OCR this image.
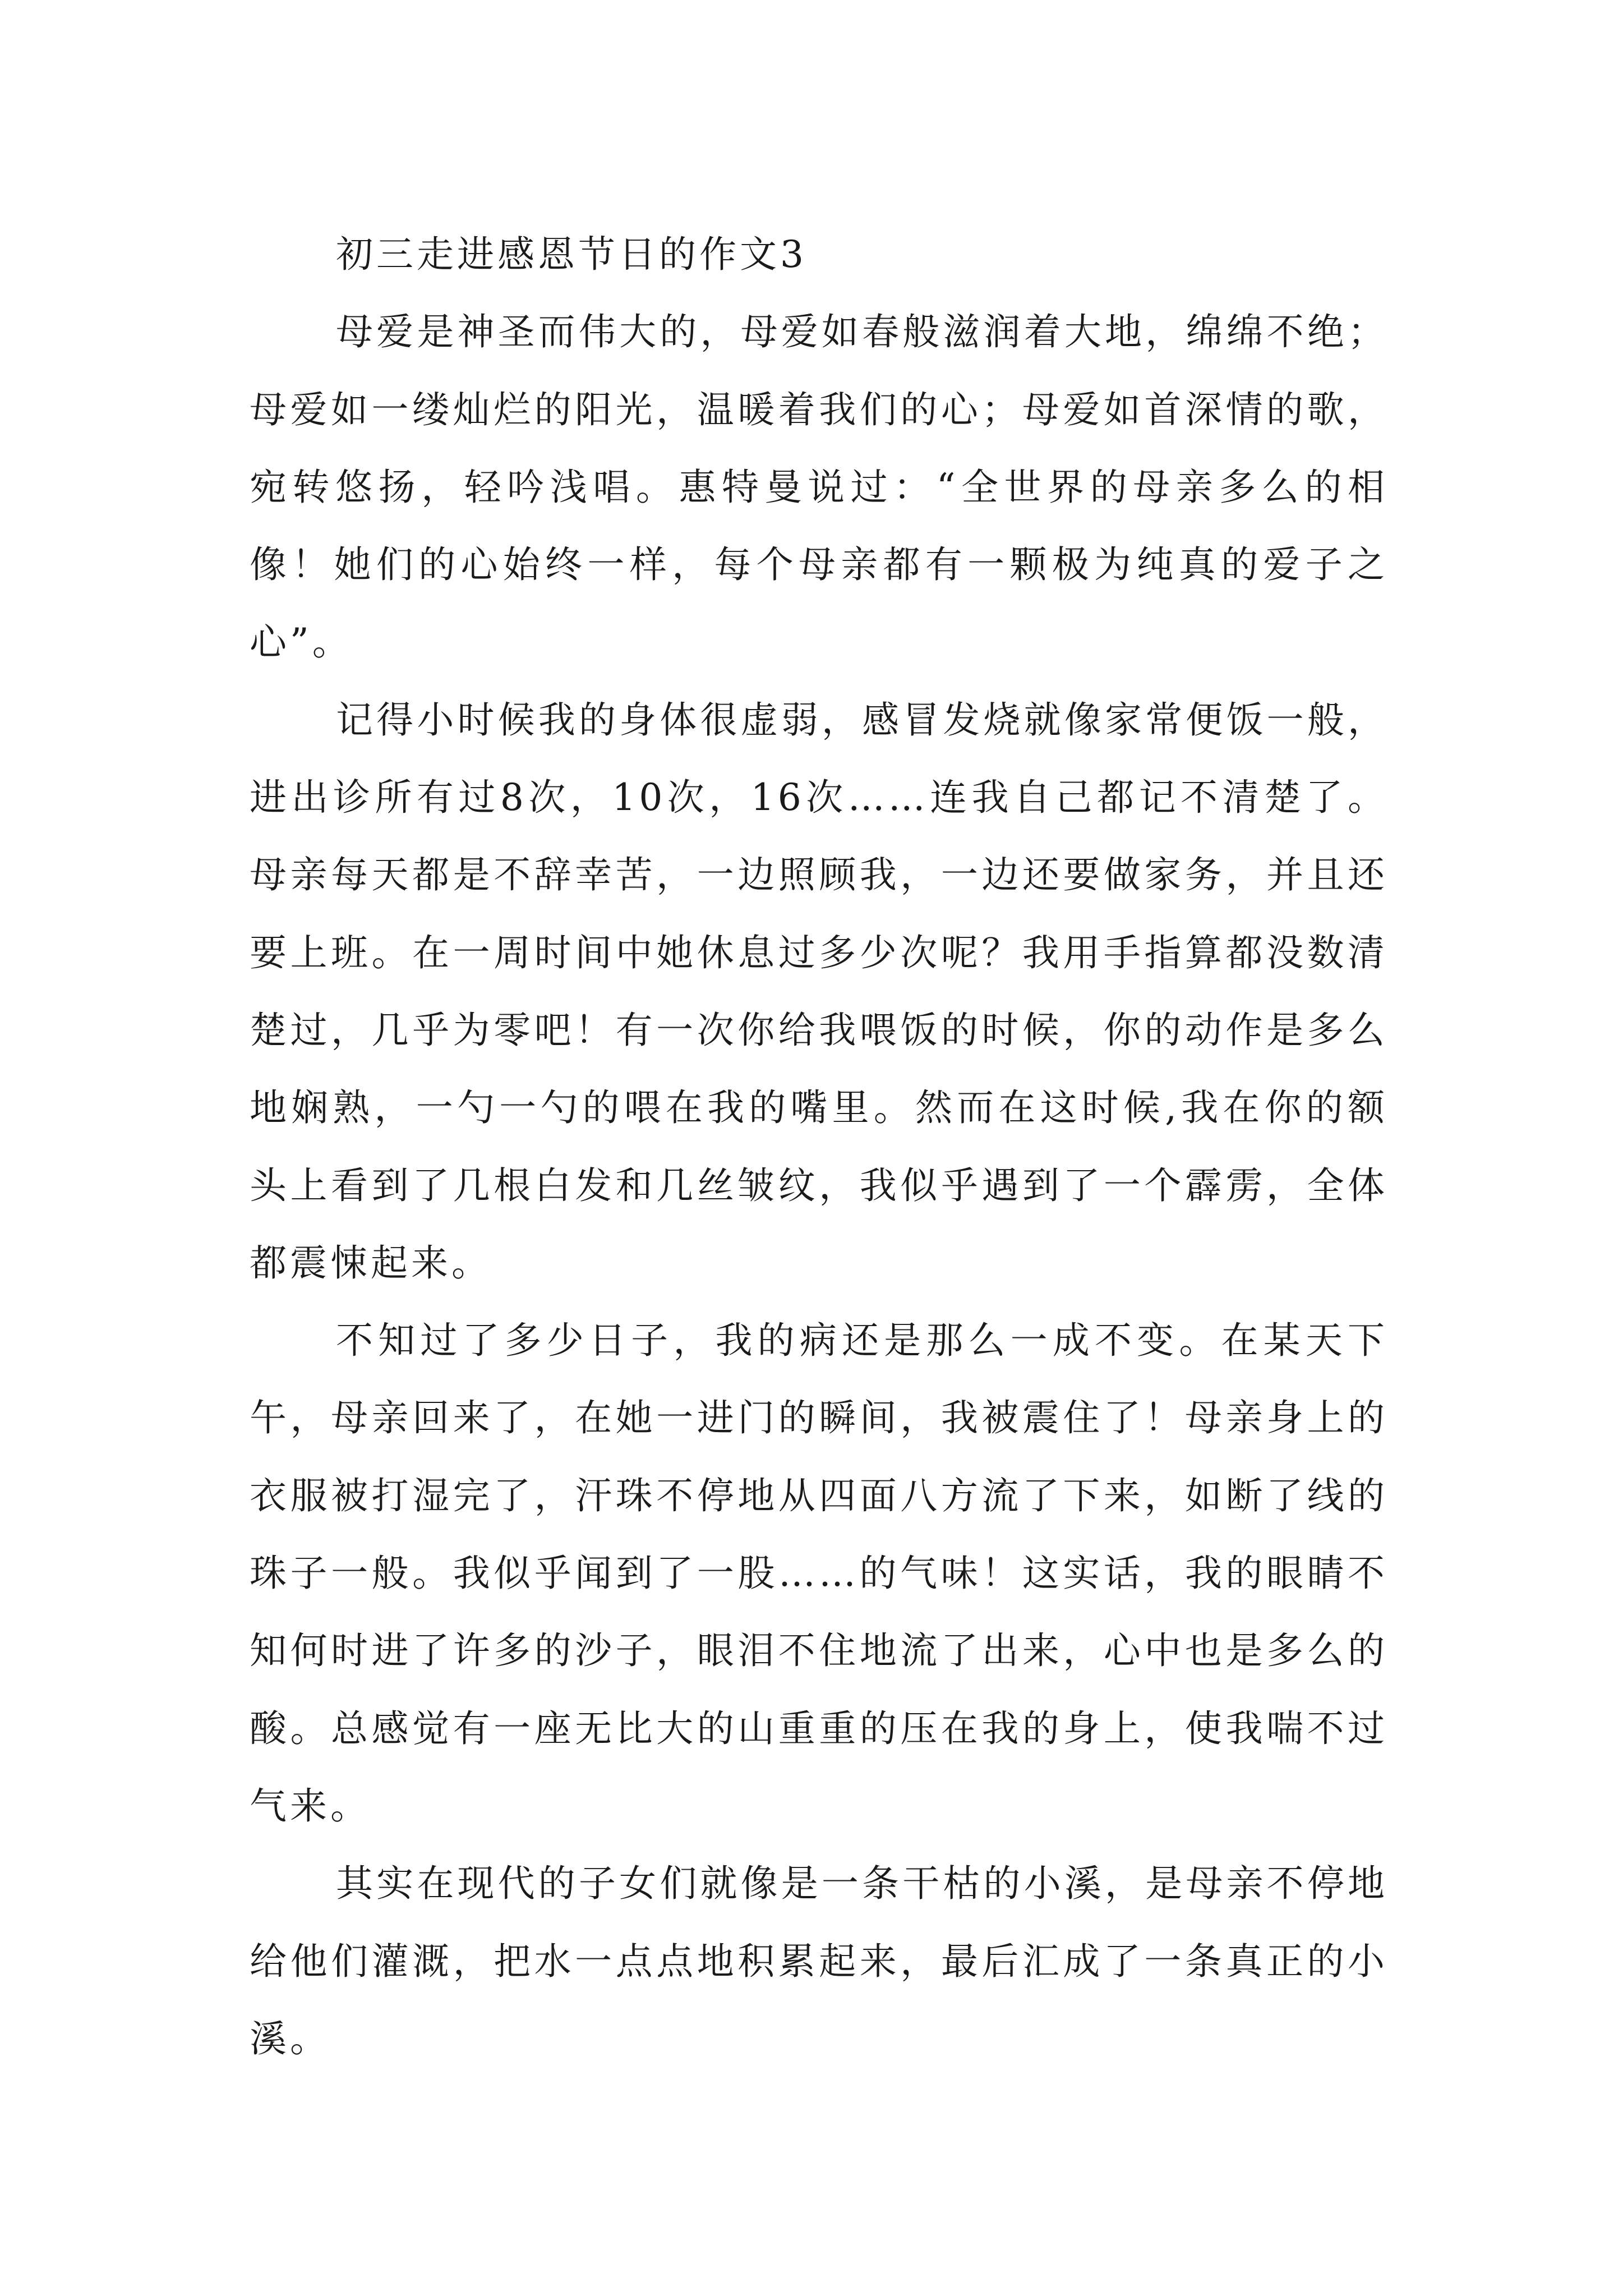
初三走进感恩节日的作文3

母爱是神圣而伟大的，母爱如春般滋润着大地，绵绵不绝；母爱如一缕灿烂的阳光，温暖着我们的心；母爱如首深情的歌，宛转悠扬，轻吟浅唱。惠特曼说过：“全世界的母亲多么的相像！她们的心始终一样，每个母亲都有一颗极为纯真的爱子之心”。

记得小时候我的身体很虚弱，感冒发烧就像家常便饭一般，进出诊所有过8次，10次，16次……连我自己都记不清楚了。母亲每天都是不辞幸苦，一边照顾我，一边还要做家务，并且还要上班。在一周时间中她休息过多少次呢？我用手指算都没数清楚过，几乎为零吧！有一次你给我喂饭的时候，你的动作是多么地娴熟，一勺一勺的喂在我的嘴里。然而在这时候,我在你的额头上看到了几根白发和几丝皱纹，我似乎遇到了一个霹雳，全体都震悚起来。

不知过了多少日子，我的病还是那么一成不变。在某天下午，母亲回来了，在她一进门的瞬间，我被震住了！母亲身上的衣服被打湿完了，汗珠不停地从四面八方流了下来，如断了线的珠子一般。我似乎闻到了一股……的气味！这实话，我的眼睛不知何时进了许多的沙子，眼泪不住地流了出来，心中也是多么的酸。总感觉有一座无比大的山重重的压在我的身上，使我喘不过气来。

其实在现代的子女们就像是一条干枯的小溪，是母亲不停地给他们灌溉，把水一点点地积累起来，最后汇成了一条真正的小溪。
